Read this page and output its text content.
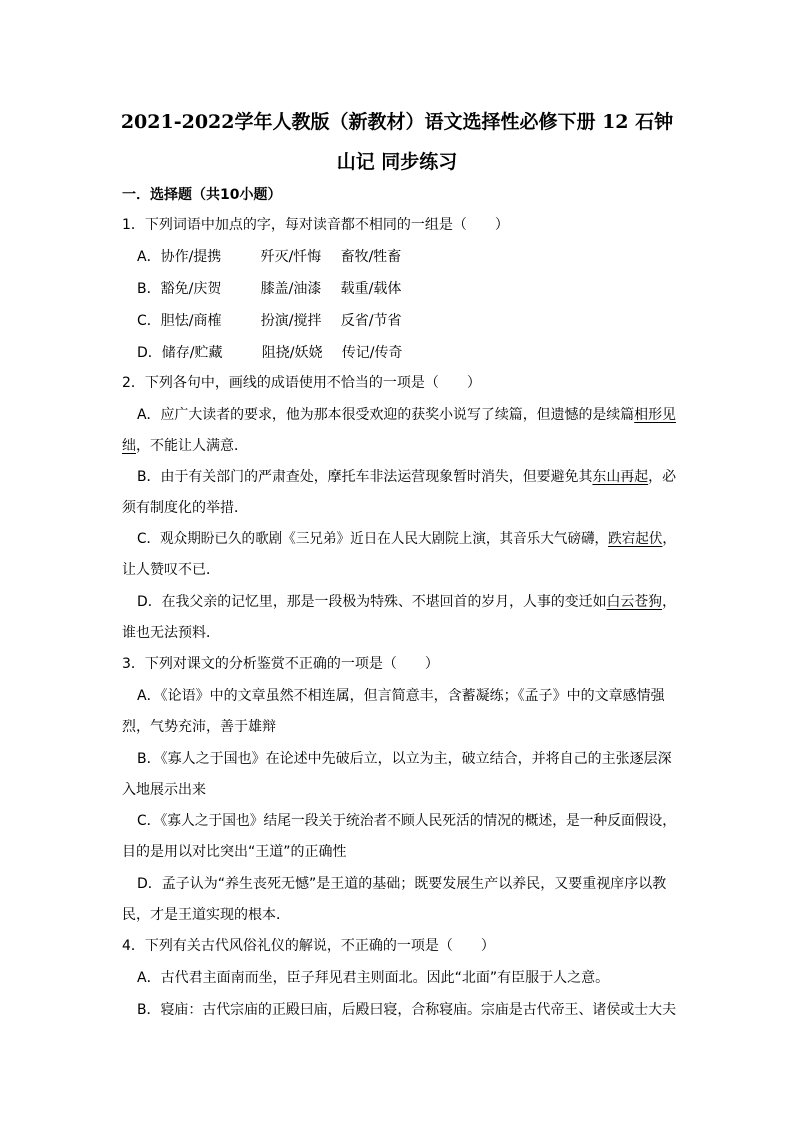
2021-2022学年人教版（新教材）语文选择性必修下册 12 石钟
山记 同步练习
一．选择题（共10小题）
1．下列词语中加点的字，每对读音都不相同的一组是（　　）
A．协作/提携	歼灭/忏悔 畜牧/牲畜
B．豁免/庆贺	膝盖/油漆 载重/载体
C．胆怯/商榷	扮演/搅拌 反省/节省
D．储存/贮藏	阻挠/妖娆 传记/传奇
2．下列各句中，画线的成语使用不恰当的一项是（　　）
A．应广大读者的要求，他为那本很受欢迎的获奖小说写了续篇，但遗憾的是续篇相形见
绌，不能让人满意．
B．由于有关部门的严肃查处，摩托车非法运营现象暂时消失，但要避免其东山再起，必
须有制度化的举措．
C．观众期盼已久的歌剧《三兄弟》近日在人民大剧院上演，其音乐大气磅礴，跌宕起伏，
让人赞叹不已．
D．在我父亲的记忆里，那是一段极为特殊、不堪回首的岁月，人事的变迁如白云苍狗，
谁也无法预料．
3．下列对课文的分析鉴赏不正确的一项是（　　）
A．《论语》中的文章虽然不相连属，但言简意丰，含蓄凝练；《孟子》中的文章感情强
烈，气势充沛，善于雄辩
B．《寡人之于国也》在论述中先破后立，以立为主，破立结合，并将自己的主张逐层深
入地展示出来
C．《寡人之于国也》结尾一段关于统治者不顾人民死活的情况的概述，是一种反面假设，
目的是用以对比突出“王道”的正确性
D．孟子认为“养生丧死无憾”是王道的基础；既要发展生产以养民，又要重视庠序以教
民，才是王道实现的根本．
4．下列有关古代风俗礼仪的解说，不正确的一项是（　　）
A．古代君主面南而坐，臣子拜见君主则面北。因此“北面”有臣服于人之意。
B．寝庙：古代宗庙的正殿曰庙，后殿曰寝，合称寝庙。宗庙是古代帝王、诸侯或士大夫
